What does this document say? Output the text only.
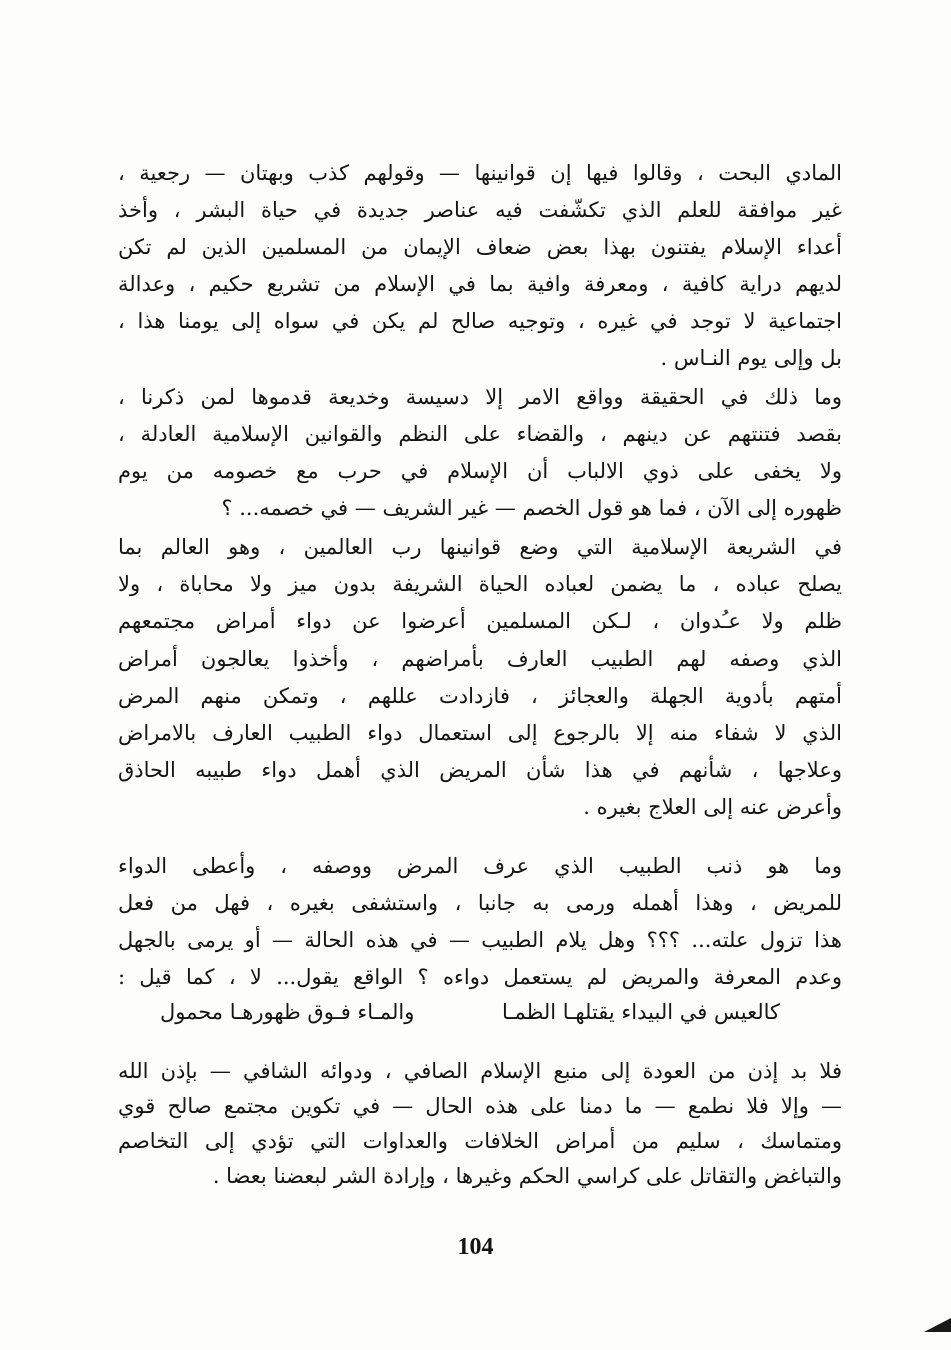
المادي البحت ، وقالوا فيها إن قوانينها — وقولهم كذب وبهتان — رجعية ،
غير موافقة للعلم الذي تكشّفت فيه عناصر جديدة في حياة البشر ، وأخذ
أعداء الإسلام يفتنون بهذا بعض ضعاف الإيمان من المسلمين الذين لم تكن
لديهم دراية كافية ، ومعرفة وافية بما في الإسلام من تشريع حكيم ، وعدالة
اجتماعية لا توجد في غيره ، وتوجيه صالح لم يكن في سواه إلى يومنا هذا ،
بل وإلى يوم النـاس .
وما ذلك في الحقيقة وواقع الامر إلا دسيسة وخديعة قدموها لمن ذكرنا ،
بقصد فتنتهم عن دينهم ، والقضاء على النظم والقوانين الإسلامية العادلة ،
ولا يخفى على ذوي الالباب أن الإسلام في حرب مع خصومه من يوم
ظهوره إلى الآن ، فما هو قول الخصم — غير الشريف — في خصمه... ؟
في الشريعة الإسلامية التي وضع قوانينها رب العالمين ، وهو العالم بما
يصلح عباده ، ما يضمن لعباده الحياة الشريفة بدون ميز ولا محاباة ، ولا
ظلم ولا عـُدوان ، لـكن المسلمين أعرضوا عن دواء أمراض مجتمعهم
الذي وصفه لهم الطبيب العارف بأمراضهم ، وأخذوا يعالجون أمراض
أمتهم بأدوية الجهلة والعجائز ، فازدادت عللهم ، وتمكن منهم المرض
الذي لا شفاء منه إلا بالرجوع إلى استعمال دواء الطبيب العارف بالامراض
وعلاجها ، شأنهم في هذا شأن المريض الذي أهمل دواء طبيبه الحاذق
وأعرض عنه إلى العلاج بغيره .
وما هو ذنب الطبيب الذي عرف المرض ووصفه ، وأعطى الدواء
للمريض ، وهذا أهمله ورمى به جانبا ، واستشفى بغيره ، فهل من فعل
هذا تزول علته... ؟؟؟ وهل يلام الطبيب — في هذه الحالة — أو يرمى بالجهل
وعدم المعرفة والمريض لم يستعمل دواءه ؟ الواقع يقول... لا ، كما قيل :
كالعيس في البيداء يقتلهـا الظمـا
والمـاء فـوق ظهورهـا محمول
فلا بد إذن من العودة إلى منبع الإسلام الصافي ، ودوائه الشافي — بإذن الله
— وإلا فلا نطمع — ما دمنا على هذه الحال — في تكوين مجتمع صالح قوي
ومتماسك ، سليم من أمراض الخلافات والعداوات التي تؤدي إلى التخاصم
والتباغض والتقاتل على كراسي الحكم وغيرها ، وإرادة الشر لبعضنا بعضا .
104
